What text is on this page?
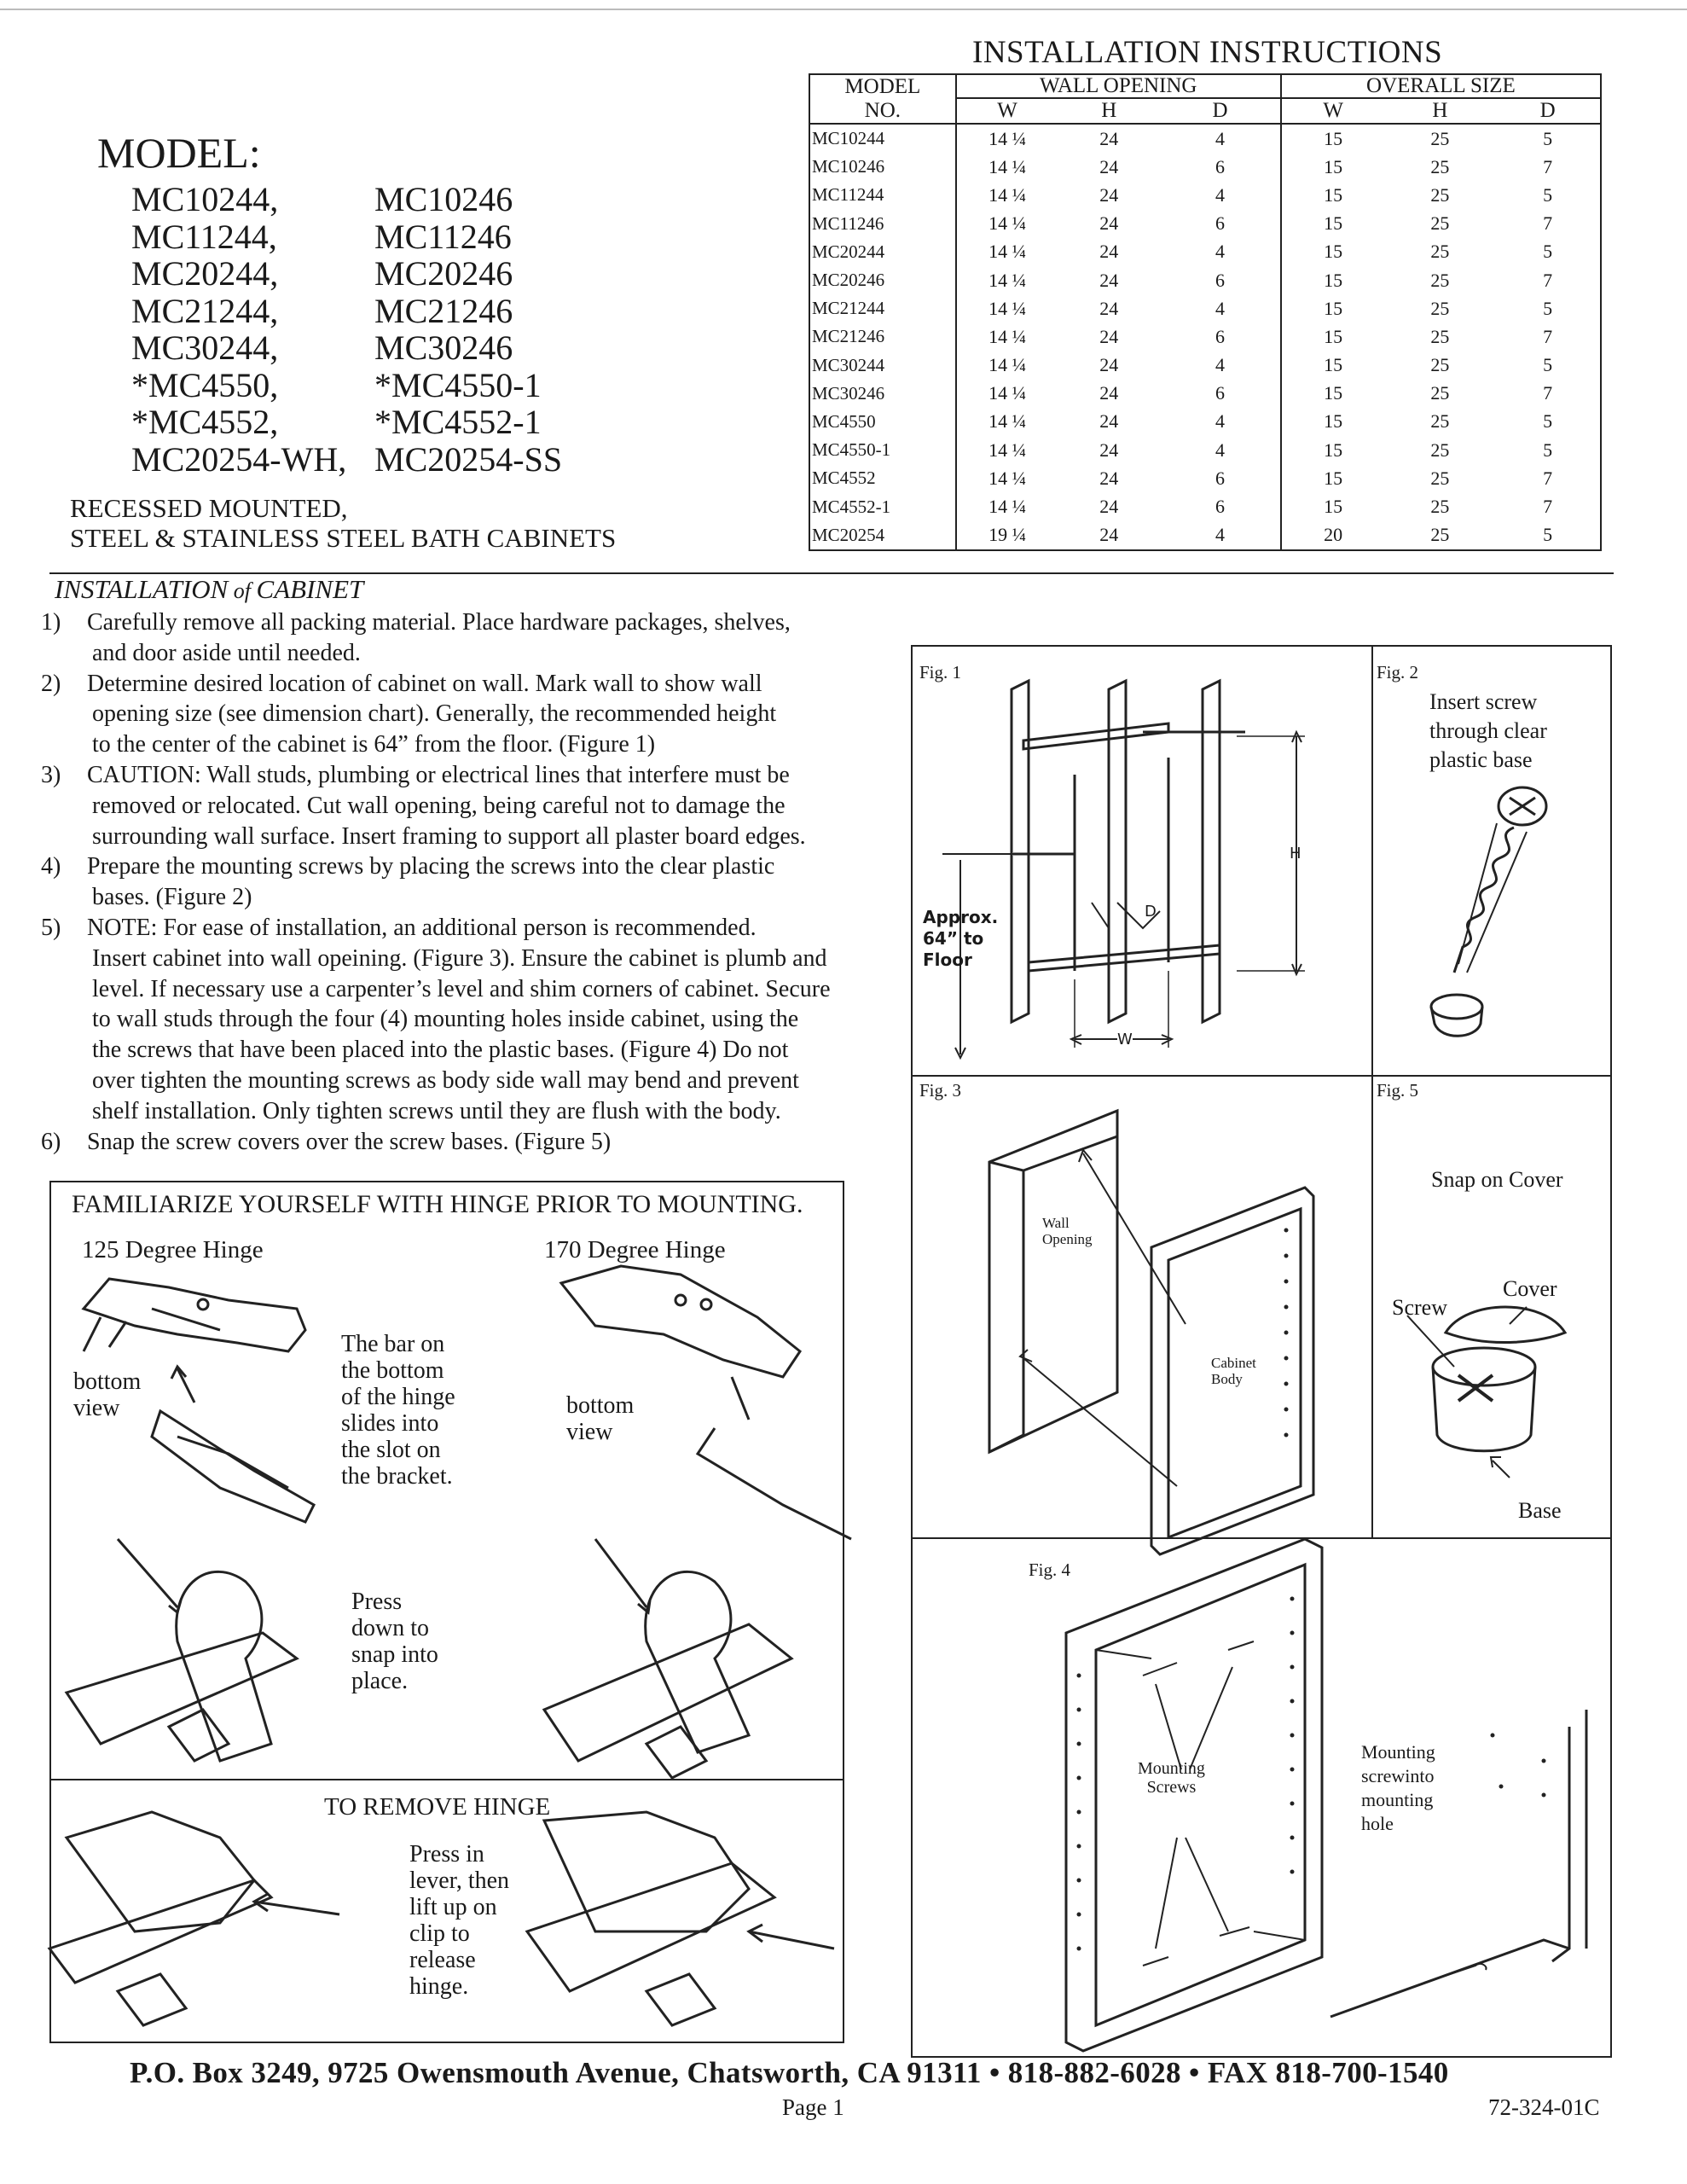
MODEL:
MC10244,	MC10246
MC11244,	MC11246
MC20244,	MC20246
MC21244,	MC21246
MC30244,	MC30246
*MC4550,	*MC4550-1
*MC4552,	*MC4552-1
MC20254-WH, MC20254-SS
RECESSED MOUNTED,
STEEL & STAINLESS STEEL BATH CABINETS
INSTALLATION INSTRUCTIONS
MODEL	WALL OPENING			OVERALL SIZE		
NO.	W	H	D	W	H	D
MC10244	14 ¼	24	4	15	25	5
MC10246	14 ¼	24	6	15	25	7
MC11244	14 ¼	24	4	15	25	5
MC11246	14 ¼	24	6	15	25	7
MC20244	14 ¼	24	4	15	25	5
MC20246	14 ¼	24	6	15	25	7
MC21244	14 ¼	24	4	15	25	5
MC21246	14 ¼	24	6	15	25	7
MC30244	14 ¼	24	4	15	25	5
MC30246	14 ¼	24	6	15	25	7
MC4550	14 ¼	24	4	15	25	5
MC4550-1	14 ¼	24	4	15	25	5
MC4552	14 ¼	24	6	15	25	7
MC4552-1	14 ¼	24	6	15	25	7
MC20254	19 ¼	24	4	20	25	5
INSTALLATION of CABINET
1) Carefully remove all packing material. Place hardware packages, shelves,
and door aside until needed.
2) Determine desired location of cabinet on wall. Mark wall to show wall
opening size (see dimension chart). Generally, the recommended height
to the center of the cabinet is 64” from the floor. (Figure 1)
3) CAUTION: Wall studs, plumbing or electrical lines that interfere must be
removed or relocated. Cut wall opening, being careful not to damage the
surrounding wall surface. Insert framing to support all plaster board edges.
4) Prepare the mounting screws by placing the screws into the clear plastic
bases. (Figure 2)
5) NOTE: For ease of installation, an additional person is recommended.
Insert cabinet into wall opeining. (Figure 3). Ensure the cabinet is plumb and
level. If necessary use a carpenter’s level and shim corners of cabinet. Secure
to wall studs through the four (4) mounting holes inside cabinet, using the
the screws that have been placed into the plastic bases. (Figure 4) Do not
over tighten the mounting screws as body side wall may bend and prevent
shelf installation. Only tighten screws until they are flush with the body.
6) Snap the screw covers over the screw bases. (Figure 5)
FAMILIARIZE YOURSELF WITH HINGE PRIOR TO MOUNTING.
125 Degree Hinge	170 Degree Hinge
bottom
view	bottom
view
The bar on
the bottom
of the hinge
slides into
the slot on
the bracket.
Press
down to
snap into
place.
TO REMOVE HINGE
Press in
lever, then
lift up on
clip to
release
hinge.
Fig. 1	Fig. 2
Fig. 3	Fig. 5
Fig. 4
Approx.
64” to
Floor
H
D
W
Insert screw
through clear
plastic base
Wall
Opening
Cabinet
Body
Snap on Cover
Cover
Screw
Base
Mounting
Screws
Mounting
screwinto
mounting
hole
P.O. Box 3249, 9725 Owensmouth Avenue, Chatsworth, CA 91311 • 818-882-6028 • FAX 818-700-1540
Page 1	72-324-01C
